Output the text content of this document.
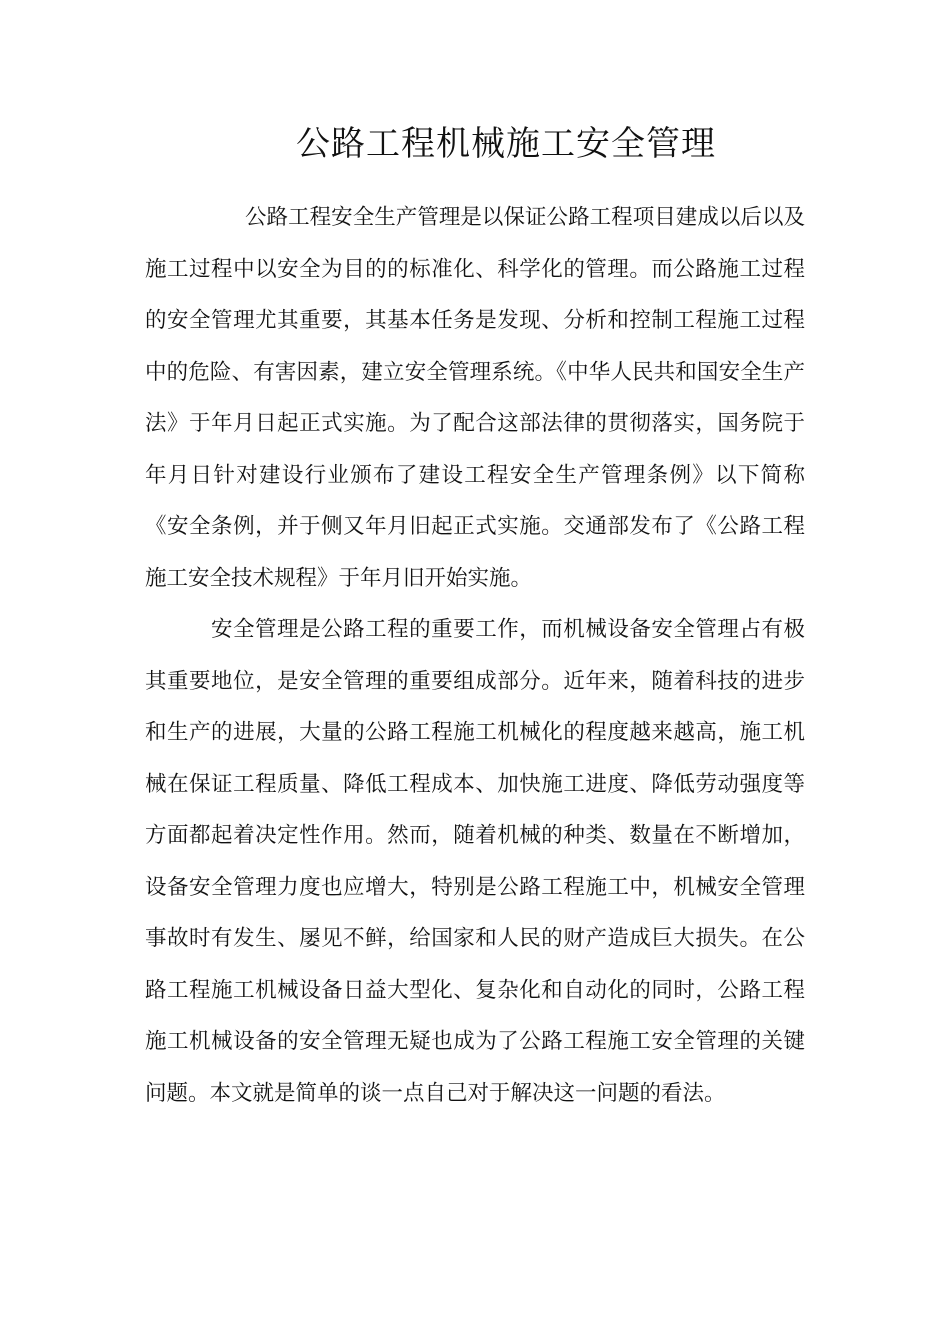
公路工程机械施工安全管理

公路工程安全生产管理是以保证公路工程项目建成以后以及施工过程中以安全为目的的标准化、科学化的管理。而公路施工过程的安全管理尤其重要，其基本任务是发现、分析和控制工程施工过程中的危险、有害因素，建立安全管理系统。《中华人民共和国安全生产法》于年月日起正式实施。为了配合这部法律的贯彻落实，国务院于年月日针对建设行业颁布了建设工程安全生产管理条例》以下简称《安全条例，并于侧又年月旧起正式实施。交通部发布了《公路工程施工安全技术规程》于年月旧开始实施。

安全管理是公路工程的重要工作，而机械设备安全管理占有极其重要地位，是安全管理的重要组成部分。近年来，随着科技的进步和生产的进展，大量的公路工程施工机械化的程度越来越高，施工机械在保证工程质量、降低工程成本、加快施工进度、降低劳动强度等方面都起着决定性作用。然而，随着机械的种类、数量在不断增加，设备安全管理力度也应增大，特别是公路工程施工中，机械安全管理事故时有发生、屡见不鲜，给国家和人民的财产造成巨大损失。在公路工程施工机械设备日益大型化、复杂化和自动化的同时，公路工程施工机械设备的安全管理无疑也成为了公路工程施工安全管理的关键问题。本文就是简单的谈一点自己对于解决这一问题的看法。
